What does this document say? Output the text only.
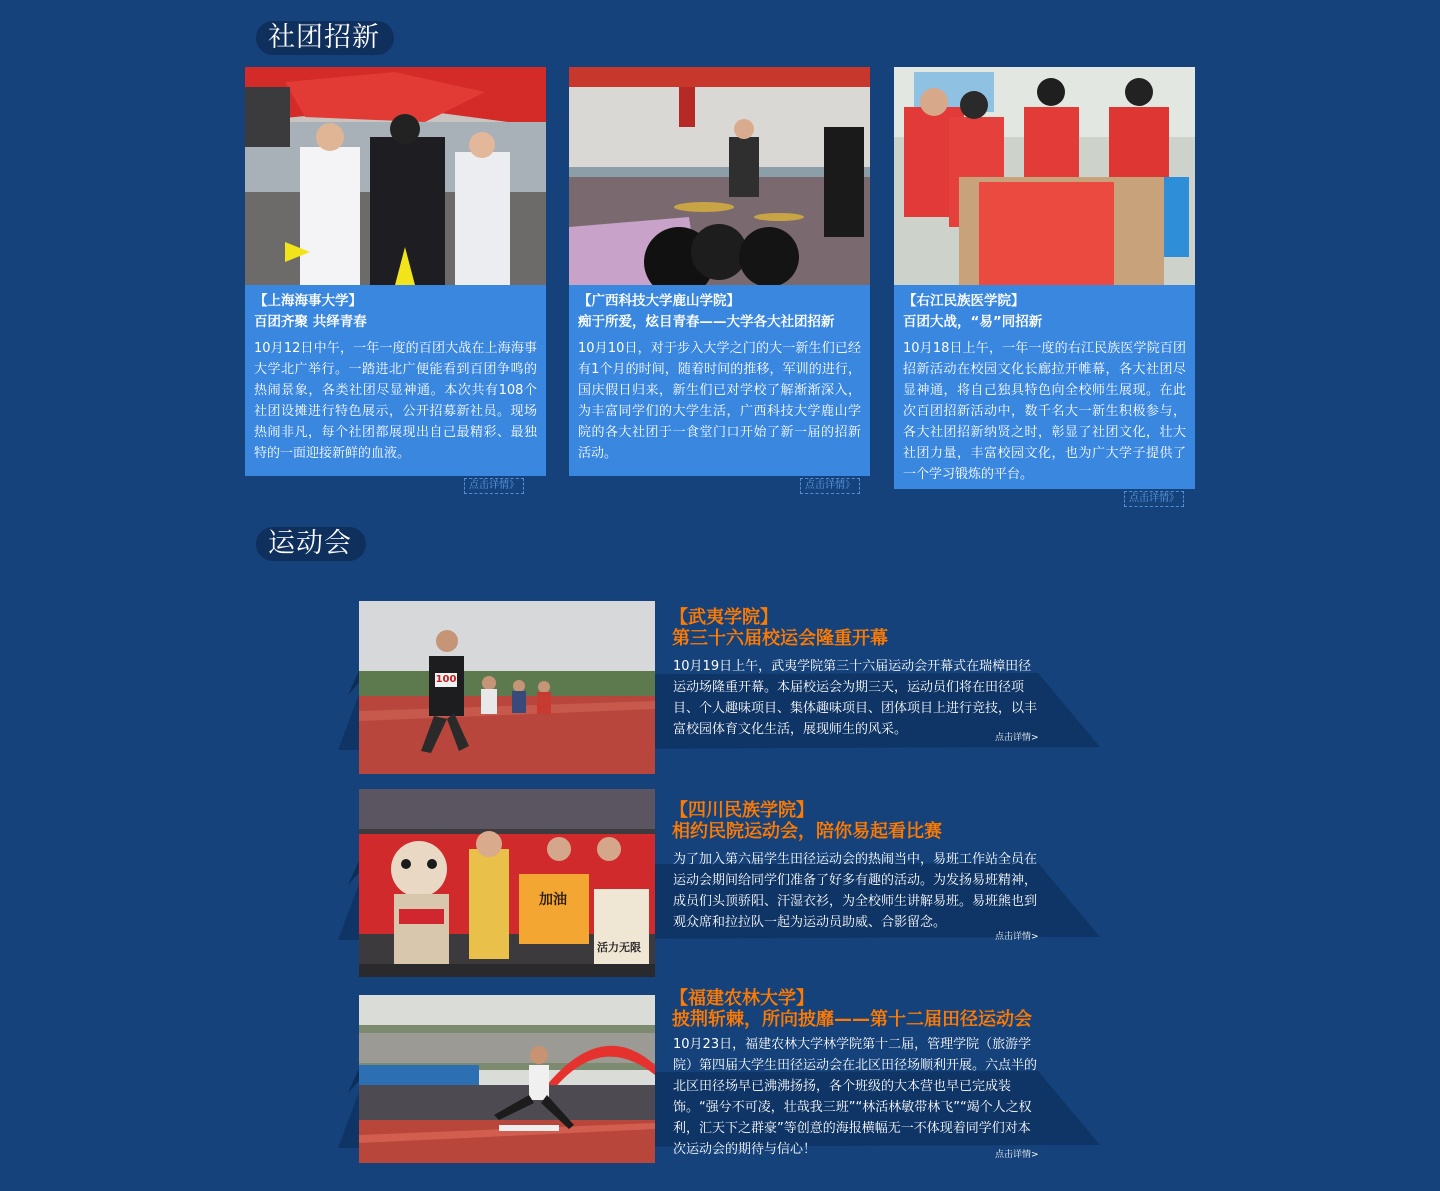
社团招新
【上海海事大学】
百团齐聚 共绎青春
10月12日中午，一年一度的百团大战在上海海事大学北广举行。一踏进北广便能看到百团争鸣的热闹景象，各类社团尽显神通。本次共有108个社团设摊进行特色展示，公开招募新社员。现场热闹非凡，每个社团都展现出自己最精彩、最独特的一面迎接新鲜的血液。
点击详情》
【广西科技大学鹿山学院】
痴于所爱，炫目青春——大学各大社团招新
10月10日，对于步入大学之门的大一新生们已经有1个月的时间，随着时间的推移，军训的进行，国庆假日归来，新生们已对学校了解渐渐深入，为丰富同学们的大学生活，广西科技大学鹿山学院的各大社团于一食堂门口开始了新一届的招新活动。
点击详情》
【右江民族医学院】
百团大战，“易”同招新
10月18日上午，一年一度的右江民族医学院百团招新活动在校园文化长廊拉开帷幕，各大社团尽显神通，将自己独具特色向全校师生展现。在此次百团招新活动中，数千名大一新生积极参与，各大社团招新纳贤之时，彰显了社团文化，壮大社团力量，丰富校园文化，也为广大学子提供了一个学习锻炼的平台。
点击详情》
运动会
100
【武夷学院】
第三十六届校运会隆重开幕
10月19日上午，武夷学院第三十六届运动会开幕式在瑞樟田径运动场隆重开幕。本届校运会为期三天，运动员们将在田径项目、个人趣味项目、集体趣味项目、团体项目上进行竞技，以丰富校园体育文化生活，展现师生的风采。
点击详情>
加油
活力无限
【四川民族学院】
相约民院运动会，陪你易起看比赛
为了加入第六届学生田径运动会的热闹当中，易班工作站全员在运动会期间给同学们准备了好多有趣的活动。为发扬易班精神，成员们头顶骄阳、汗湿衣衫，为全校师生讲解易班。易班熊也到观众席和拉拉队一起为运动员助威、合影留念。
点击详情>
【福建农林大学】
披荆斩棘，所向披靡——第十二届田径运动会
10月23日，福建农林大学林学院第十二届，管理学院（旅游学院）第四届大学生田径运动会在北区田径场顺利开展。六点半的北区田径场早已沸沸扬扬，各个班级的大本营也早已完成装饰。“强兮不可凌，壮哉我三班”“林活林敏带林飞”“竭个人之权利，汇天下之群豪”等创意的海报横幅无一不体现着同学们对本次运动会的期待与信心！	点击详情>
